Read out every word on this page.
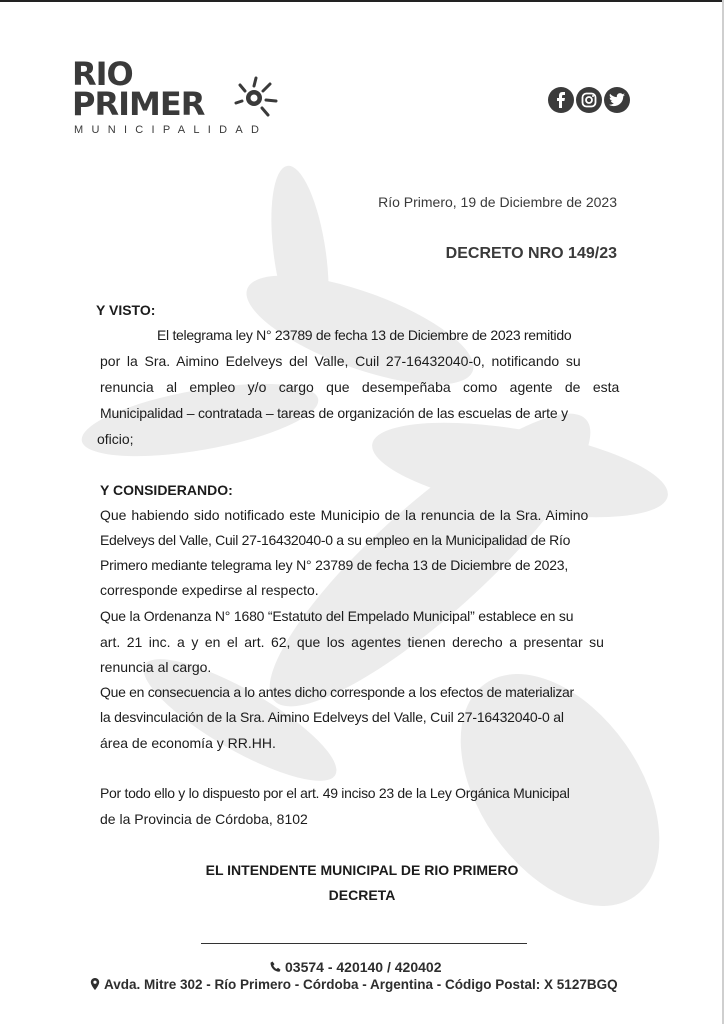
RIO
PRIMER
MUNICIPALIDAD
Río Primero, 19 de Diciembre de 2023
DECRETO NRO 149/23
Y VISTO:
El telegrama ley N° 23789 de fecha 13 de Diciembre de 2023 remitido
por la Sra. Aimino Edelveys del Valle, Cuil 27-16432040-0, notificando su
renuncia al empleo y/o cargo que desempeñaba como agente de esta
Municipalidad – contratada – tareas de organización de las escuelas de arte y
oficio;
Y CONSIDERANDO:
Que habiendo sido notificado este Municipio de la renuncia de la Sra. Aimino
Edelveys del Valle, Cuil 27-16432040-0 a su empleo en la Municipalidad de Río
Primero mediante telegrama ley N° 23789 de fecha 13 de Diciembre de 2023,
corresponde expedirse al respecto.
Que la Ordenanza N° 1680 “Estatuto del Empelado Municipal” establece en su
art. 21 inc. a y en el art. 62, que los agentes tienen derecho a presentar su
renuncia al cargo.
Que en consecuencia a lo antes dicho corresponde a los efectos de materializar
la desvinculación de la Sra. Aimino Edelveys del Valle, Cuil 27-16432040-0 al
área de economía y RR.HH.
Por todo ello y lo dispuesto por el art. 49 inciso 23 de la Ley Orgánica Municipal
de la Provincia de Córdoba, 8102
EL INTENDENTE MUNICIPAL DE RIO PRIMERO
DECRETA
03574 - 420140 / 420402
Avda. Mitre 302 - Río Primero - Córdoba - Argentina - Código Postal: X 5127BGQ
